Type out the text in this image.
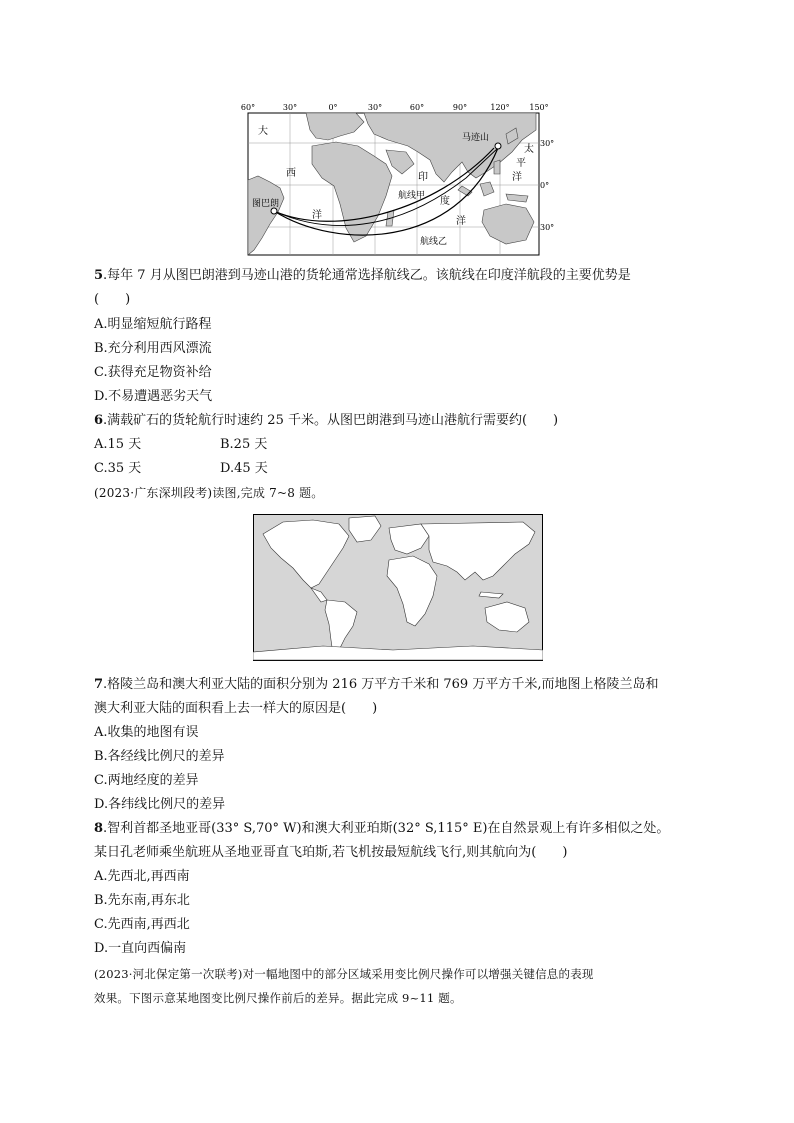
60°	30°	0°	30°	60°	90°	120° 150°
30°
0°
30°
大
西
洋
图巴朗
印
度
洋
航线甲
航线乙
马迹山
太
平
洋
5.每年 7 月从图巴朗港到马迹山港的货轮通常选择航线乙。该航线在印度洋航段的主要优势是
(　　)
A.明显缩短航行路程
B.充分利用西风漂流
C.获得充足物资补给
D.不易遭遇恶劣天气
6.满载矿石的货轮航行时速约 25 千米。从图巴朗港到马迹山港航行需要约(　　)
A.15 天	B.25 天
C.35 天	D.45 天
(2023·广东深圳段考)读图,完成 7~8 题。
7.格陵兰岛和澳大利亚大陆的面积分别为 216 万平方千米和 769 万平方千米,而地图上格陵兰岛和
澳大利亚大陆的面积看上去一样大的原因是(　　)
A.收集的地图有误
B.各经线比例尺的差异
C.两地经度的差异
D.各纬线比例尺的差异
8.智利首都圣地亚哥(33° S,70° W)和澳大利亚珀斯(32° S,115° E)在自然景观上有许多相似之处。
某日孔老师乘坐航班从圣地亚哥直飞珀斯,若飞机按最短航线飞行,则其航向为(　　)
A.先西北,再西南
B.先东南,再东北
C.先西南,再西北
D.一直向西偏南
(2023·河北保定第一次联考)对一幅地图中的部分区域采用变比例尺操作可以增强关键信息的表现
效果。下图示意某地图变比例尺操作前后的差异。据此完成 9~11 题。
